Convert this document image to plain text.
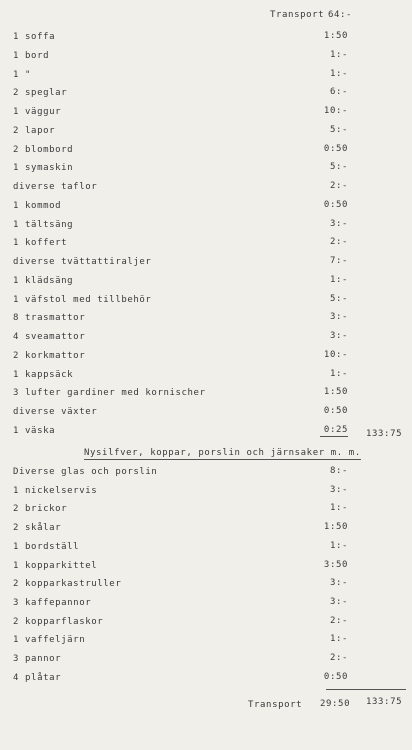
Transport 64:-
1 soffa	1:50
1 bord	1:-
1 "	1:-
2 speglar	6:-
1 väggur	10:-
2 lapor	5:-
2 blombord	0:50
1 symaskin	5:-
diverse taflor	2:-
1 kommod	0:50
1 tältsäng	3:-
1 koffert	2:-
diverse tvättattiraljer	7:-
1 klädsäng	1:-
1 väfstol med tillbehör	5:-
8 trasmattor	3:-
4 sveamattor	3:-
2 korkmattor	10:-
1 kappsäck	1:-
3 lufter gardiner med kornischer	1:50
diverse växter	0:50
1 väska	0:25 133:75
Nysilfver, koppar, porslin och järnsaker m. m.
Diverse glas och porslin	8:-
1 nickelservis	3:-
2 brickor	1:-
2 skålar	1:50
1 bordställ	1:-
1 kopparkittel	3:50
2 kopparkastruller	3:-
3 kaffepannor	3:-
2 kopparflaskor	2:-
1 vaffeljärn	1:-
3 pannor	2:-
4 plåtar	0:50
Transport 29:50 133:75
